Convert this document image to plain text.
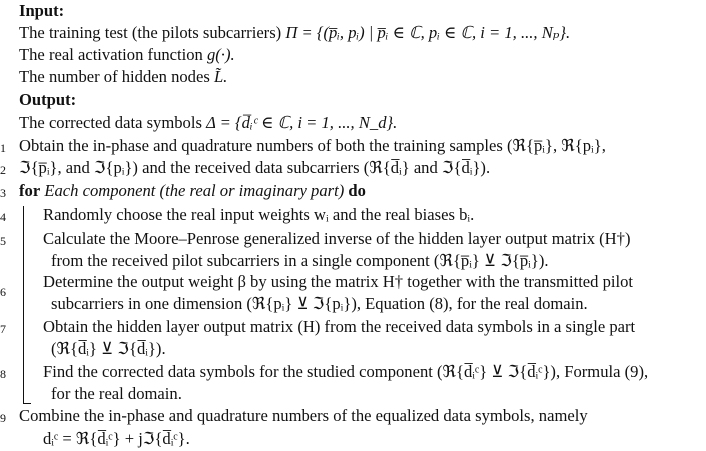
Input:
The training test (the pilots subcarriers) Π = {(p̅ᵢ, pᵢ) | p̅ᵢ ∈ ℂ, pᵢ ∈ ℂ, i = 1, ..., Nₚ}.
The real activation function g(·).
The number of hidden nodes L̃.
Output:
The corrected data symbols Δ = {d̅ᵢᶜ ∈ ℂ, i = 1, ..., N_d}.
1 Obtain the in-phase and quadrature numbers of both the training samples (ℜ{p̅ᵢ}, ℜ{pᵢ},
2 ℑ{p̅ᵢ}, and ℑ{pᵢ}) and the received data subcarriers (ℜ{d̅ᵢ} and ℑ{d̅ᵢ}).
3 for Each component (the real or imaginary part) do
4	Randomly choose the real input weights wᵢ and the real biases bᵢ.
5	Calculate the Moore–Penrose generalized inverse of the hidden layer output matrix (H†)
from the received pilot subcarriers in a single component (ℜ{p̅ᵢ} ⊻ ℑ{p̅ᵢ}).
6
Determine the output weight β by using the matrix H† together with the transmitted pilot
subcarriers in one dimension (ℜ{pᵢ} ⊻ ℑ{pᵢ}), Equation (8), for the real domain.
7	Obtain the hidden layer output matrix (H) from the received data symbols in a single part
(ℜ{d̅ᵢ} ⊻ ℑ{d̅ᵢ}).
8	Find the corrected data symbols for the studied component (ℜ{d̅ᵢᶜ} ⊻ ℑ{d̅ᵢᶜ}), Formula (9),
for the real domain.
9 Combine the in-phase and quadrature numbers of the equalized data symbols, namely
dᵢᶜ = ℜ{d̅ᵢᶜ} + jℑ{d̅ᵢᶜ}.
